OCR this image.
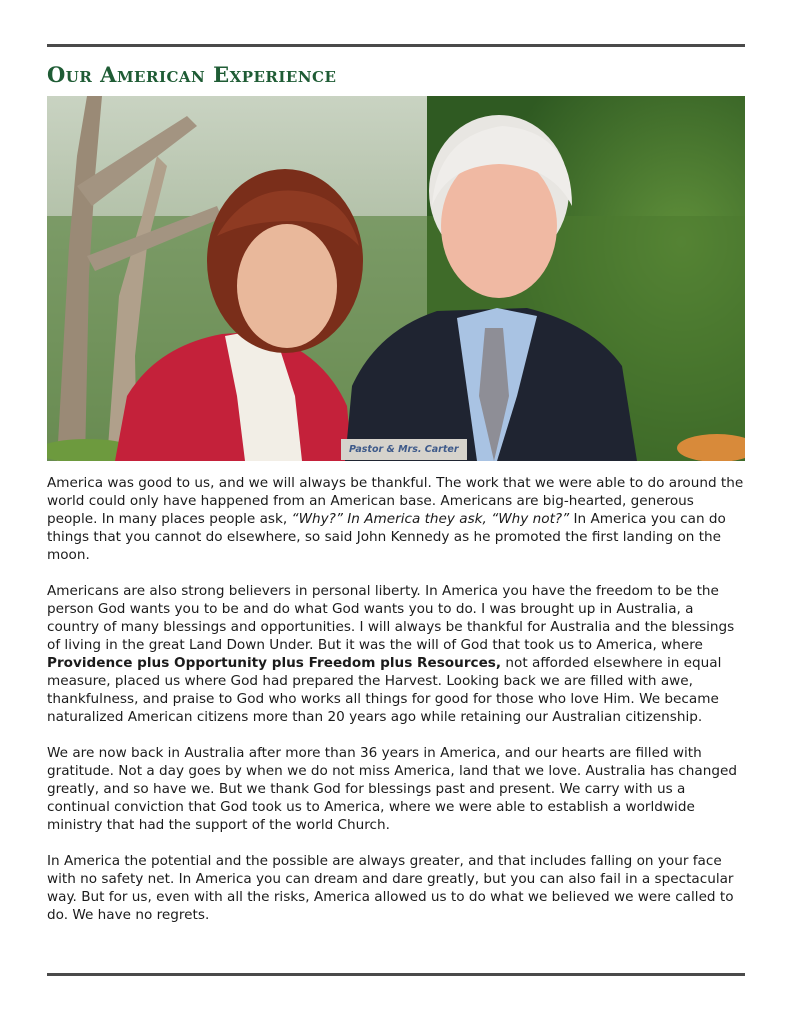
Our American Experience
Pastor & Mrs. Carter

America was good to us, and we will always be thankful. The work that we were able to do around the world could only have happened from an American base. Americans are big-hearted, generous people. In many places people ask, “Why?” In America they ask, “Why not?” In America you can do things that you cannot do elsewhere, so said John Kennedy as he promoted the first landing on the moon.

Americans are also strong believers in personal liberty. In America you have the freedom to be the person God wants you to be and do what God wants you to do. I was brought up in Australia, a country of many blessings and opportunities. I will always be thankful for Australia and the blessings of living in the great Land Down Under. But it was the will of God that took us to America, where Providence plus Opportunity plus Freedom plus Resources, not afforded elsewhere in equal measure, placed us where God had prepared the Harvest. Looking back we are filled with awe, thankfulness, and praise to God who works all things for good for those who love Him. We became naturalized American citizens more than 20 years ago while retaining our Australian citizenship.

We are now back in Australia after more than 36 years in America, and our hearts are filled with gratitude. Not a day goes by when we do not miss America, land that we love. Australia has changed greatly, and so have we. But we thank God for blessings past and present. We carry with us a continual conviction that God took us to America, where we were able to establish a worldwide ministry that had the support of the world Church.

In America the potential and the possible are always greater, and that includes falling on your face with no safety net. In America you can dream and dare greatly, but you can also fail in a spectacular way. But for us, even with all the risks, America allowed us to do what we believed we were called to do. We have no regrets.
